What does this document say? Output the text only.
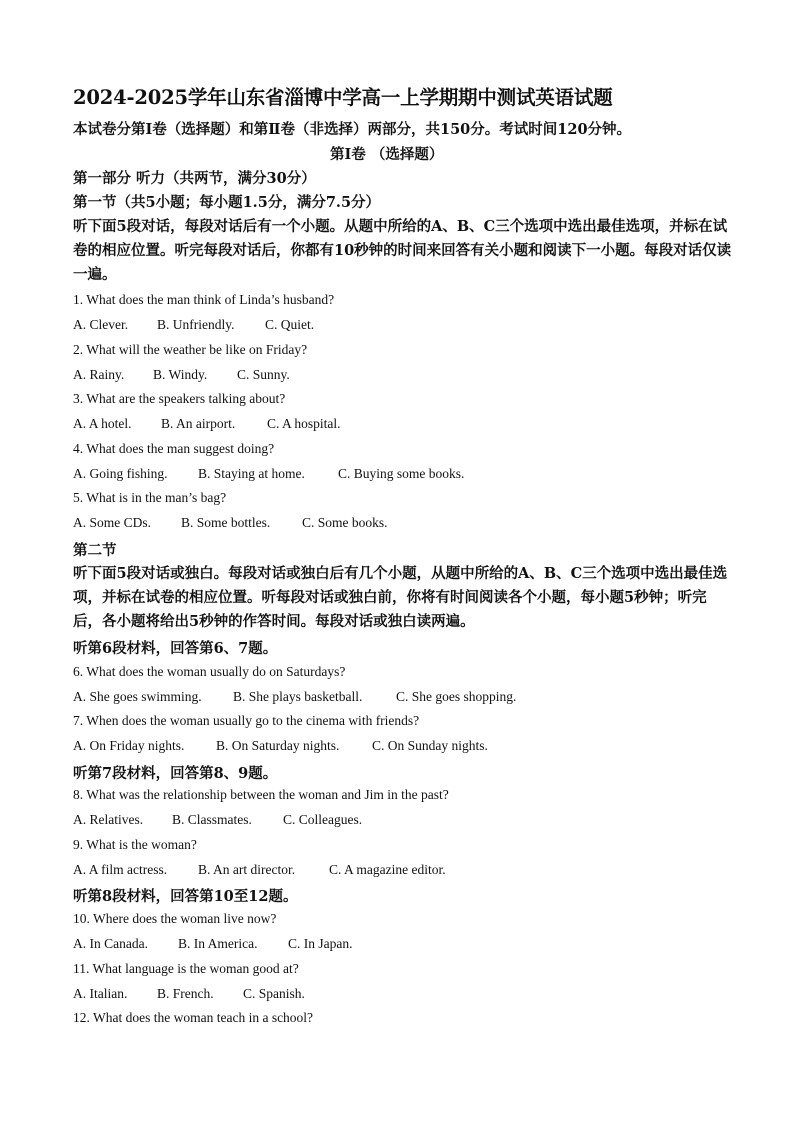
2024-2025学年山东省淄博中学高一上学期期中测试英语试题
本试卷分第Ⅰ卷（选择题）和第Ⅱ卷（非选择）两部分，共150分。考试时间120分钟。
第Ⅰ卷 （选择题）
第一部分 听力（共两节，满分30分）
第一节（共5小题；每小题1.5分，满分7.5分）
听下面5段对话，每段对话后有一个小题。从题中所给的A、B、C三个选项中选出最佳选项，并标在试卷的相应位置。听完每段对话后，你都有10秒钟的时间来回答有关小题和阅读下一小题。每段对话仅读一遍。
1. What does the man think of Linda’s husband?
A. Clever. B. Unfriendly. C. Quiet.
2. What will the weather be like on Friday?
A. Rainy. B. Windy. C. Sunny.
3. What are the speakers talking about?
A. A hotel. B. An airport. C. A hospital.
4. What does the man suggest doing?
A. Going fishing. B. Staying at home. C. Buying some books.
5. What is in the man’s bag?
A. Some CDs. B. Some bottles. C. Some books.
第二节
听下面5段对话或独白。每段对话或独白后有几个小题，从题中所给的A、B、C三个选项中选出最佳选项，并标在试卷的相应位置。听每段对话或独白前，你将有时间阅读各个小题，每小题5秒钟；听完后，各小题将给出5秒钟的作答时间。每段对话或独白读两遍。
听第6段材料，回答第6、7题。
6. What does the woman usually do on Saturdays?
A. She goes swimming. B. She plays basketball. C. She goes shopping.
7. When does the woman usually go to the cinema with friends?
A. On Friday nights. B. On Saturday nights. C. On Sunday nights.
听第7段材料，回答第8、9题。
8. What was the relationship between the woman and Jim in the past?
A. Relatives. B. Classmates. C. Colleagues.
9. What is the woman?
A. A film actress. B. An art director.	C. A magazine editor.
听第8段材料，回答第10至12题。
10. Where does the woman live now?
A. In Canada. B. In America. C. In Japan.
11. What language is the woman good at?
A. Italian. B. French. C. Spanish.
12. What does the woman teach in a school?
